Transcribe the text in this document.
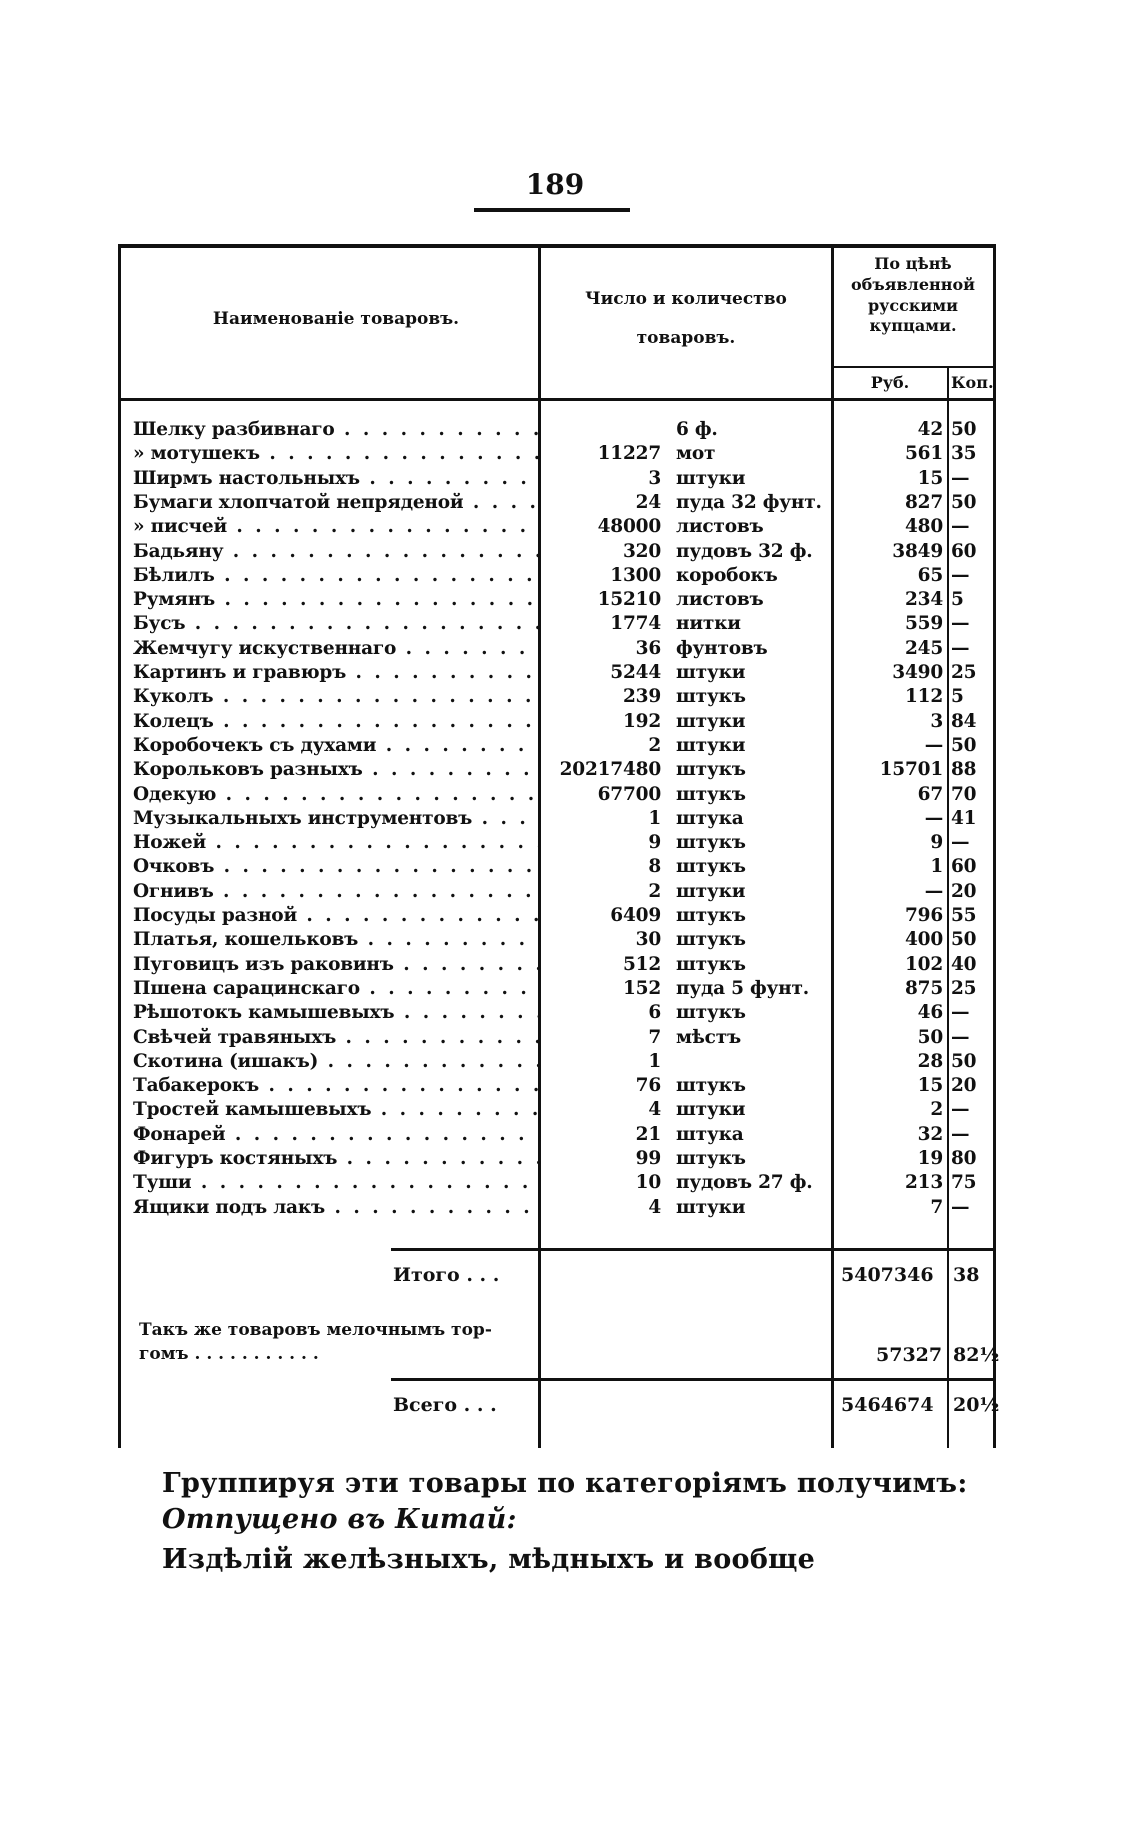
189
Наименованіе товаровъ.
Число и количество
товаровъ.
По цѣнѣ объявленной русскими купцами.
Руб.	Коп.
Шелку разбивнаго . . .	6 ф.	42 50
» мотушекъ . . .	11227 мот	561 35
Ширмъ настольныхъ . . .	3 штуки	15 —
Бумаги хлопчатой непряденой . . .	24 пуда 32 фунт.	827 50
» писчей . . .	48000 листовъ	480 —
Бадьяну . . .	320 пудовъ 32 ф.	3849 60
Бѣлилъ . . .	1300 коробокъ	65 —
Румянъ . . .	15210 листовъ	234 5
Бусъ . . .	1774 нитки	559 —
Жемчугу искуственнаго . . .	36 фунтовъ	245 —
Картинъ и гравюръ . . .	5244 штуки	3490 25
Куколъ . . .	239 штукъ	112 5
Колецъ . . .	192 штуки	3 84
Коробочекъ съ духами . . .	2 штуки	— 50
Корольковъ разныхъ . . .	20217480 штукъ	15701 88
Одекую . . .	67700 штукъ	67 70
Музыкальныхъ инструментовъ . . .	1 штука	— 41
Ножей . . .	9 штукъ	9 —
Очковъ . . .	8 штукъ	1 60
Огнивъ . . .	2 штуки	— 20
Посуды разной . . .	6409 штукъ	796 55
Платья, кошельковъ . . .	30 штукъ	400 50
Пуговицъ изъ раковинъ . . .	512 штукъ	102 40
Пшена сарацинскаго . . .	152 пуда 5 фунт.	875 25
Рѣшотокъ камышевыхъ . . .	6 штукъ	46 —
Свѣчей травяныхъ . . .	7 мѣстъ	50 —
Скотина (ишакъ) . . .	1	28 50
Табакерокъ . . .	76 штукъ	15 20
Тростей камышевыхъ . . .	4 штуки	2 —
Фонарей . . .	21 штука	32 —
Фигуръ костяныхъ . . .	99 штукъ	19 80
Туши . . .	10 пудовъ 27 ф.	213 75
Ящики подъ лакъ . . .	4 штуки	7 —
Итого . . .	5407346 38
Такъ же товаровъ мелочнымъ тор-
гомъ . . . . . . . . . . .	57327 82½
Всего . . .	5464674 20½
Группируя эти товары по категоріямъ получимъ:
Отпущено въ Китай:
Издѣлій желѣзныхъ, мѣдныхъ и вообще
